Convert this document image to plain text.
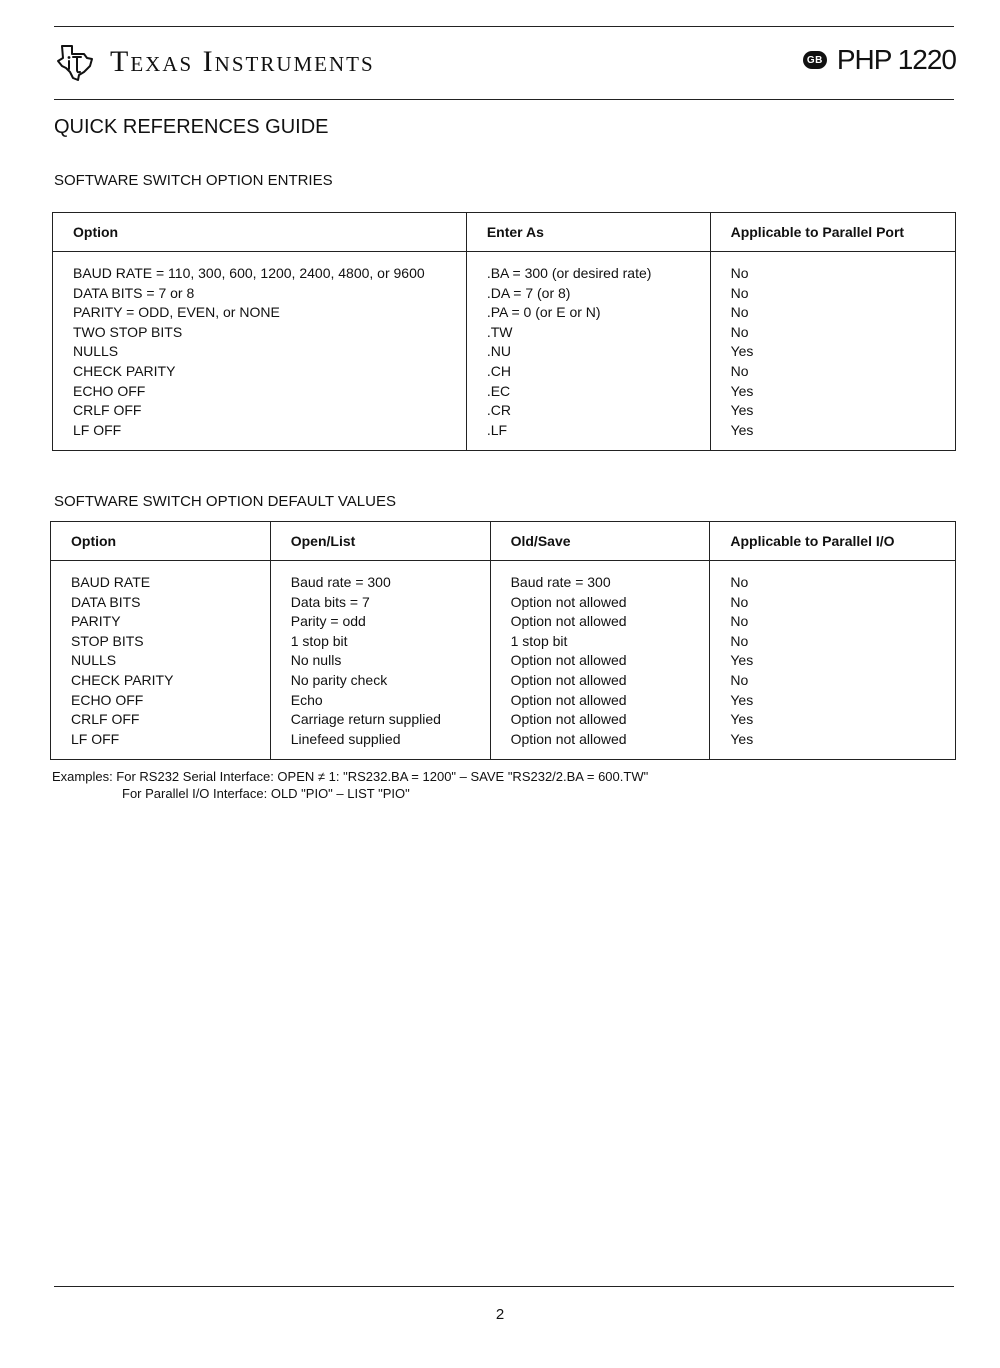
Texas Instruments	GB PHP 1220
QUICK REFERENCES GUIDE
SOFTWARE SWITCH OPTION ENTRIES
Option	Enter As	Applicable to Parallel Port
BAUD RATE = 110, 300, 600, 1200, 2400, 4800, or 9600	.BA = 300 (or desired rate)	No
DATA BITS = 7 or 8	.DA = 7 (or 8)	No
PARITY = ODD, EVEN, or NONE	.PA = 0 (or E or N)	No
TWO STOP BITS	.TW	No
NULLS	.NU	Yes
CHECK PARITY	.CH	No
ECHO OFF	.EC	Yes
CRLF OFF	.CR	Yes
LF OFF	.LF	Yes
SOFTWARE SWITCH OPTION DEFAULT VALUES
Option	Open/List	Old/Save	Applicable to Parallel I/O
BAUD RATE	Baud rate = 300	Baud rate = 300	No
DATA BITS	Data bits = 7	Option not allowed	No
PARITY	Parity = odd	Option not allowed	No
STOP BITS	1 stop bit	1 stop bit	No
NULLS	No nulls	Option not allowed	Yes
CHECK PARITY	No parity check	Option not allowed	No
ECHO OFF	Echo	Option not allowed	Yes
CRLF OFF	Carriage return supplied	Option not allowed	Yes
LF OFF	Linefeed supplied	Option not allowed	Yes
Examples: For RS232 Serial Interface: OPEN ≠ 1: "RS232.BA = 1200" – SAVE "RS232/2.BA = 600.TW"
For Parallel I/O Interface: OLD "PIO" – LIST "PIO"
2
